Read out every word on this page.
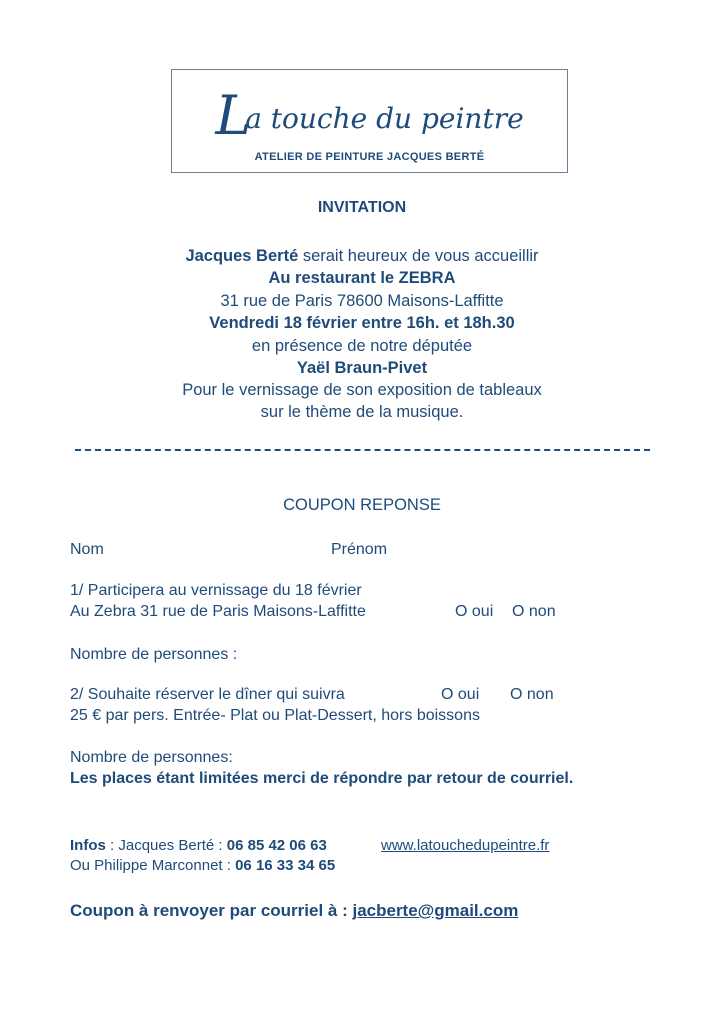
La touche du peintre
ATELIER DE PEINTURE JACQUES BERTÉ
INVITATION
Jacques Berté serait heureux de vous accueillir
Au restaurant le ZEBRA
31 rue de Paris 78600 Maisons-Laffitte
Vendredi 18 février entre 16h. et 18h.30
en présence de notre députée
Yaël Braun-Pivet
Pour le vernissage de son exposition de tableaux
sur le thème de la musique.
COUPON REPONSE
Nom	Prénom
1/ Participera au vernissage du 18 février
Au Zebra 31 rue de Paris Maisons-Laffitte	O oui O non
Nombre de personnes :
2/ Souhaite réserver le dîner qui suivra	O oui O non
25 € par pers. Entrée- Plat ou Plat-Dessert, hors boissons
Nombre de personnes:
Les places étant limitées merci de répondre par retour de courriel.
Infos : Jacques Berté : 06 85 42 06 63	www.latouchedupeintre.fr
Ou Philippe Marconnet : 06 16 33 34 65
Coupon à renvoyer par courriel à : jacberte@gmail.com
